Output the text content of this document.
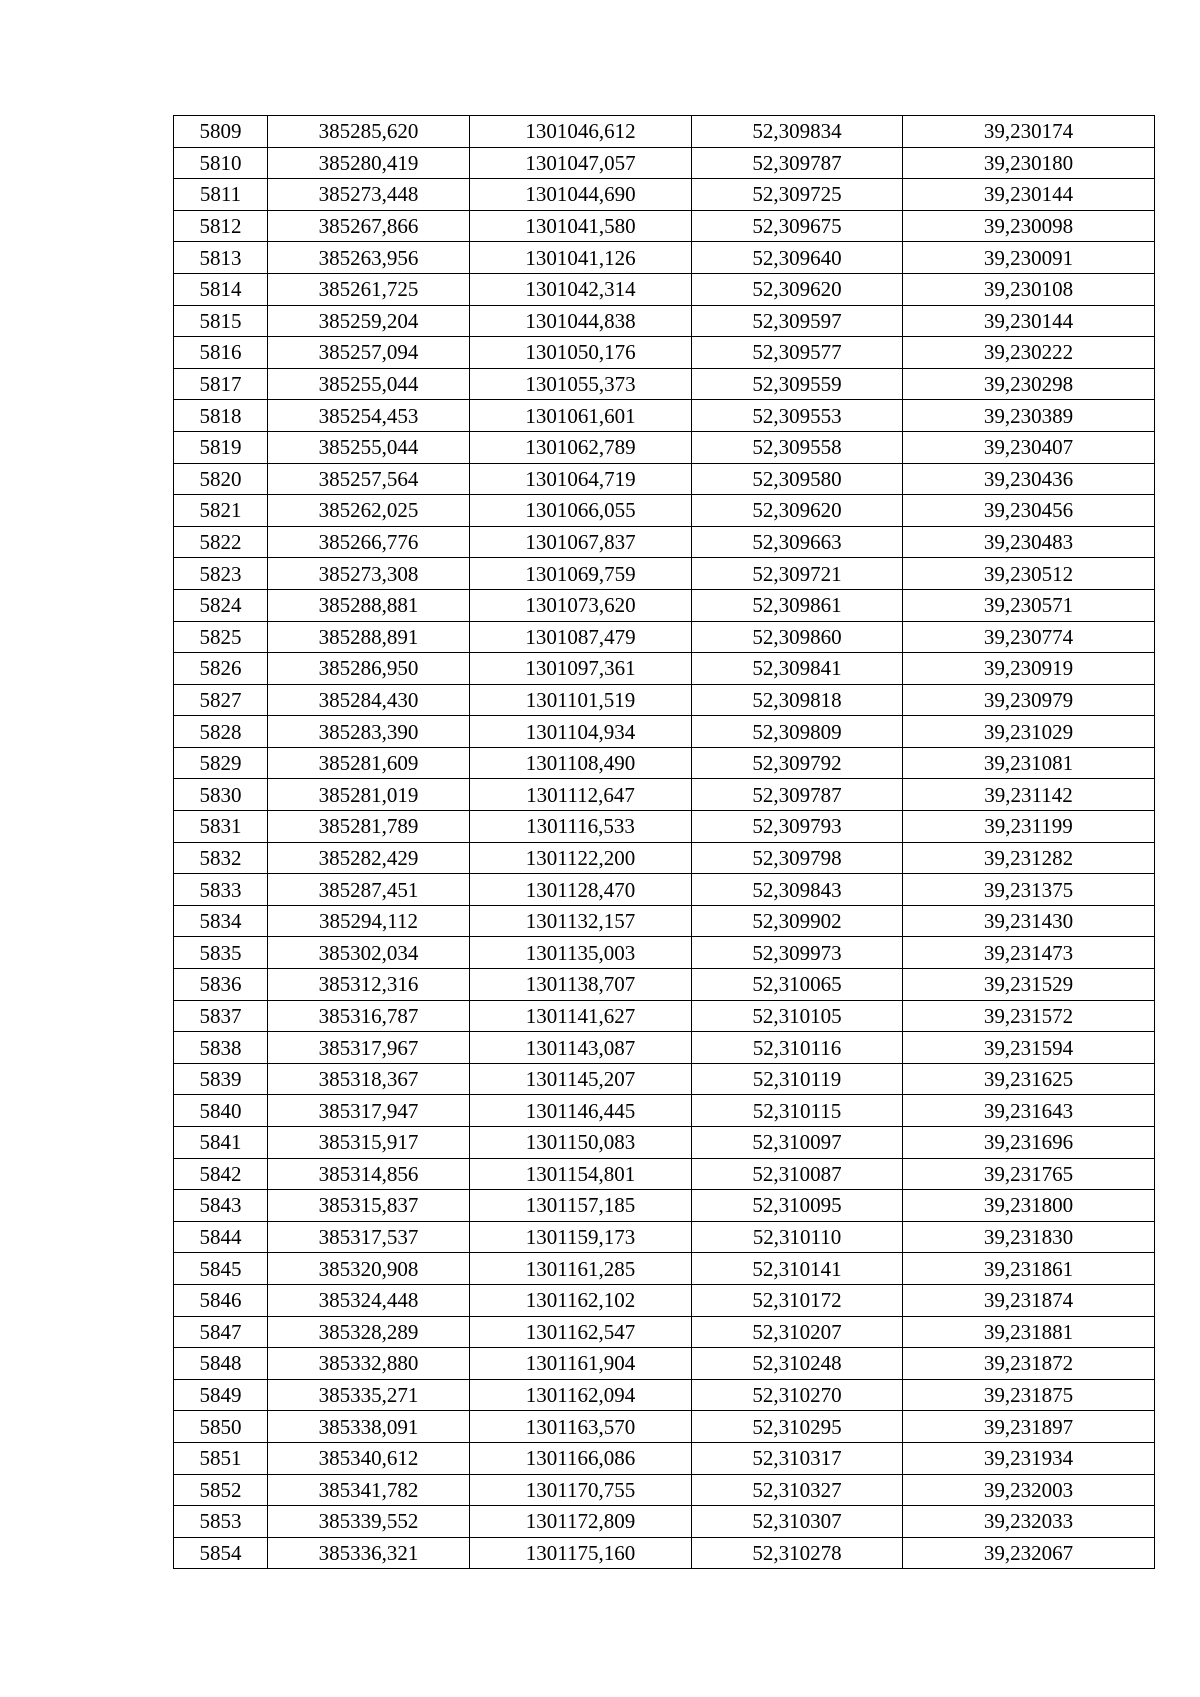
5809	385285,620	1301046,612	52,309834	39,230174
5810	385280,419	1301047,057	52,309787	39,230180
5811	385273,448	1301044,690	52,309725	39,230144
5812	385267,866	1301041,580	52,309675	39,230098
5813	385263,956	1301041,126	52,309640	39,230091
5814	385261,725	1301042,314	52,309620	39,230108
5815	385259,204	1301044,838	52,309597	39,230144
5816	385257,094	1301050,176	52,309577	39,230222
5817	385255,044	1301055,373	52,309559	39,230298
5818	385254,453	1301061,601	52,309553	39,230389
5819	385255,044	1301062,789	52,309558	39,230407
5820	385257,564	1301064,719	52,309580	39,230436
5821	385262,025	1301066,055	52,309620	39,230456
5822	385266,776	1301067,837	52,309663	39,230483
5823	385273,308	1301069,759	52,309721	39,230512
5824	385288,881	1301073,620	52,309861	39,230571
5825	385288,891	1301087,479	52,309860	39,230774
5826	385286,950	1301097,361	52,309841	39,230919
5827	385284,430	1301101,519	52,309818	39,230979
5828	385283,390	1301104,934	52,309809	39,231029
5829	385281,609	1301108,490	52,309792	39,231081
5830	385281,019	1301112,647	52,309787	39,231142
5831	385281,789	1301116,533	52,309793	39,231199
5832	385282,429	1301122,200	52,309798	39,231282
5833	385287,451	1301128,470	52,309843	39,231375
5834	385294,112	1301132,157	52,309902	39,231430
5835	385302,034	1301135,003	52,309973	39,231473
5836	385312,316	1301138,707	52,310065	39,231529
5837	385316,787	1301141,627	52,310105	39,231572
5838	385317,967	1301143,087	52,310116	39,231594
5839	385318,367	1301145,207	52,310119	39,231625
5840	385317,947	1301146,445	52,310115	39,231643
5841	385315,917	1301150,083	52,310097	39,231696
5842	385314,856	1301154,801	52,310087	39,231765
5843	385315,837	1301157,185	52,310095	39,231800
5844	385317,537	1301159,173	52,310110	39,231830
5845	385320,908	1301161,285	52,310141	39,231861
5846	385324,448	1301162,102	52,310172	39,231874
5847	385328,289	1301162,547	52,310207	39,231881
5848	385332,880	1301161,904	52,310248	39,231872
5849	385335,271	1301162,094	52,310270	39,231875
5850	385338,091	1301163,570	52,310295	39,231897
5851	385340,612	1301166,086	52,310317	39,231934
5852	385341,782	1301170,755	52,310327	39,232003
5853	385339,552	1301172,809	52,310307	39,232033
5854	385336,321	1301175,160	52,310278	39,232067
